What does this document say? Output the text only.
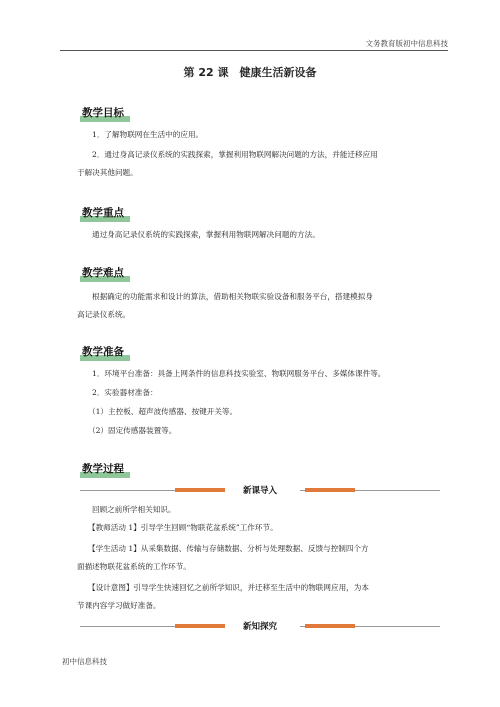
文务教育版初中信息科技
第 22 课　健康生活新设备
教学目标
1．了解物联网在生活中的应用。
2．通过身高记录仪系统的实践探索，掌握利用物联网解决问题的方法，并能迁移应用
于解决其他问题。
教学重点
通过身高记录仪系统的实践探索，掌握利用物联网解决问题的方法。
教学难点
根据确定的功能需求和设计的算法，借助相关物联实验设备和服务平台，搭建模拟身
高记录仪系统。
教学准备
1．环境平台准备：具备上网条件的信息科技实验室、物联网服务平台、多媒体课件等。
2．实验器材准备：
（1）主控板、超声波传感器、按键开关等。
（2）固定传感器装置等。
教学过程
新课导入
回顾之前所学相关知识。
【教师活动 1】引导学生回顾“物联花盆系统”工作环节。
【学生活动 1】从采集数据、传输与存储数据、分析与处理数据、反馈与控制四个方
面描述物联花盆系统的工作环节。
【设计意图】引导学生快速回忆之前所学知识，并迁移至生活中的物联网应用，为本
节课内容学习做好准备。
新知探究
初中信息科技
